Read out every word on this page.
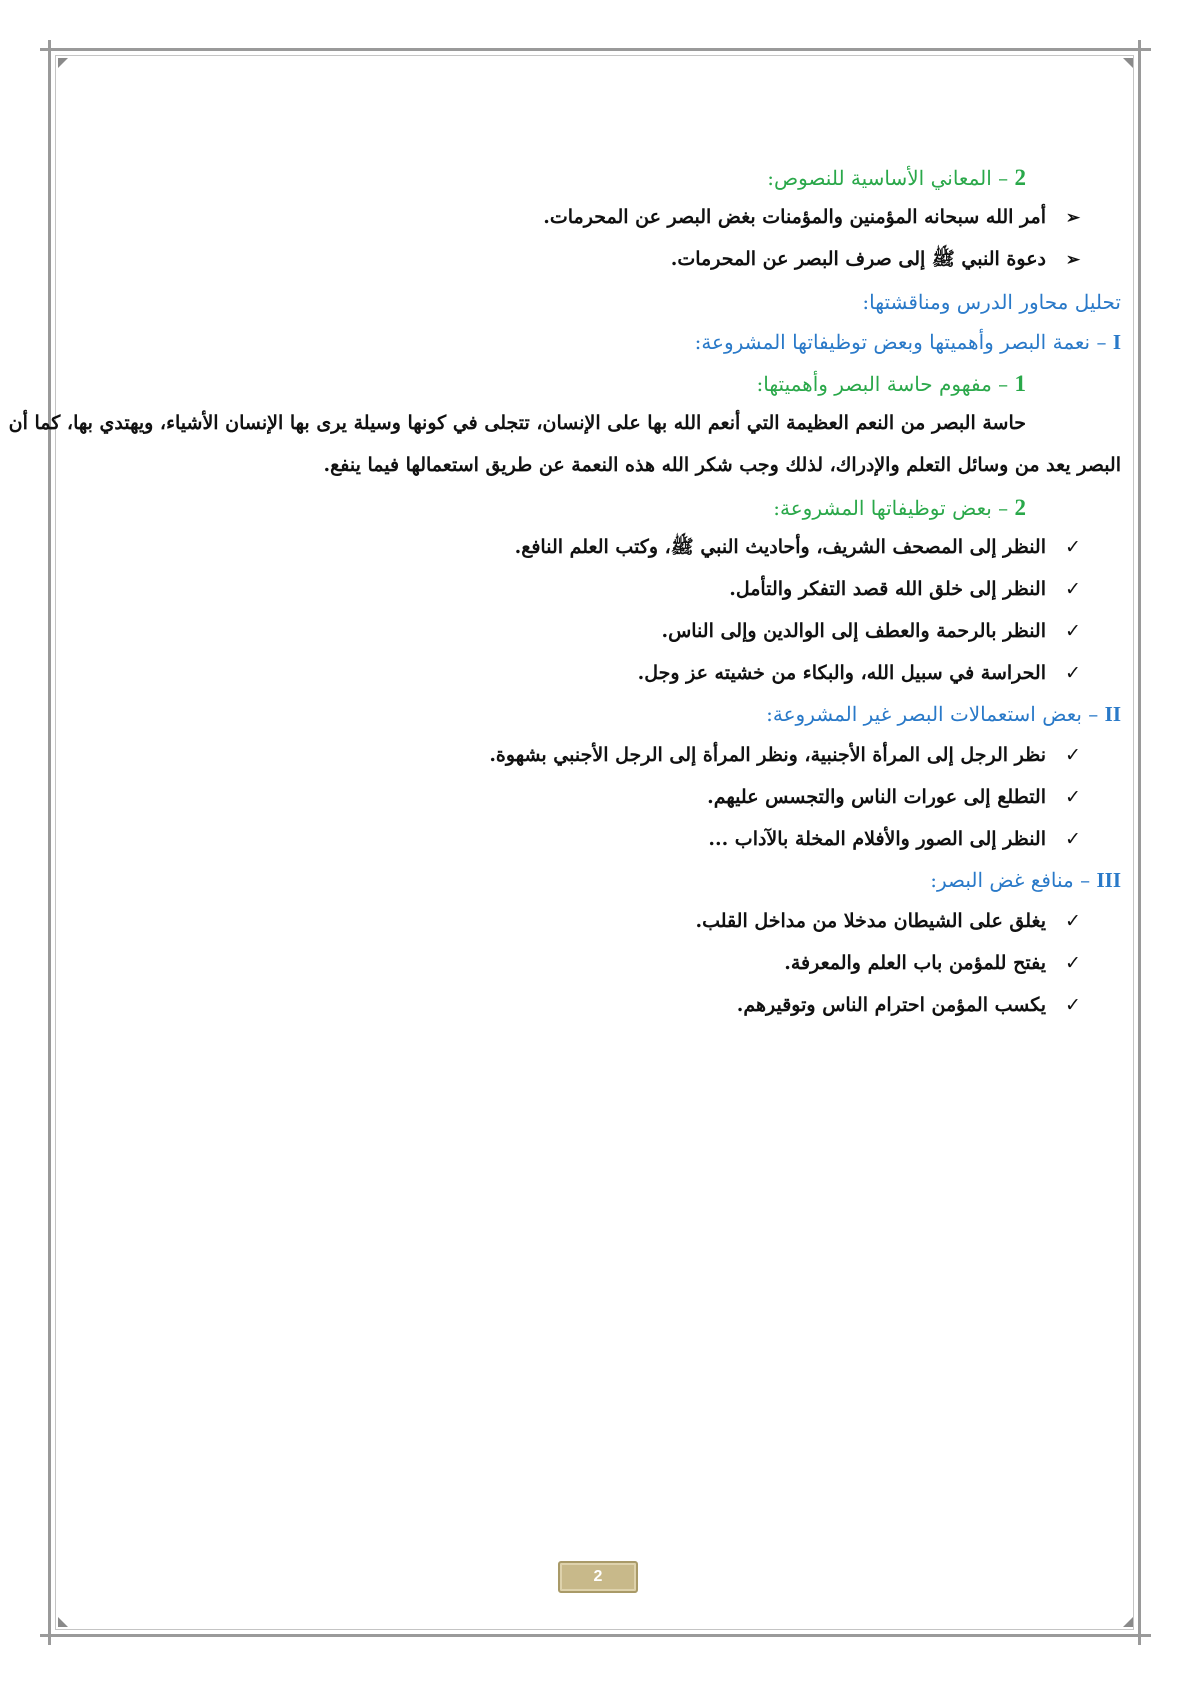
2 – المعاني الأساسية للنصوص:
➢أمر الله سبحانه المؤمنين والمؤمنات بغض البصر عن المحرمات.
➢دعوة النبي ﷺ إلى صرف البصر عن المحرمات.
تحليل محاور الدرس ومناقشتها:
I – نعمة البصر وأهميتها وبعض توظيفاتها المشروعة:
1 – مفهوم حاسة البصر وأهميتها:
حاسة البصر من النعم العظيمة التي أنعم الله بها على الإنسان، تتجلى في كونها وسيلة يرى بها الإنسان الأشياء، ويهتدي بها، كما أن
البصر يعد من وسائل التعلم والإدراك، لذلك وجب شكر الله هذه النعمة عن طريق استعمالها فيما ينفع.
2 – بعض توظيفاتها المشروعة:
✓النظر إلى المصحف الشريف، وأحاديث النبي ﷺ، وكتب العلم النافع.
✓النظر إلى خلق الله قصد التفكر والتأمل.
✓النظر بالرحمة والعطف إلى الوالدين وإلى الناس.
✓الحراسة في سبيل الله، والبكاء من خشيته عز وجل.
II – بعض استعمالات البصر غير المشروعة:
✓نظر الرجل إلى المرأة الأجنبية، ونظر المرأة إلى الرجل الأجنبي بشهوة.
✓التطلع إلى عورات الناس والتجسس عليهم.
✓النظر إلى الصور والأفلام المخلة بالآداب ...
III – منافع غض البصر:
✓يغلق على الشيطان مدخلا من مداخل القلب.
✓يفتح للمؤمن باب العلم والمعرفة.
✓يكسب المؤمن احترام الناس وتوقيرهم.
2
